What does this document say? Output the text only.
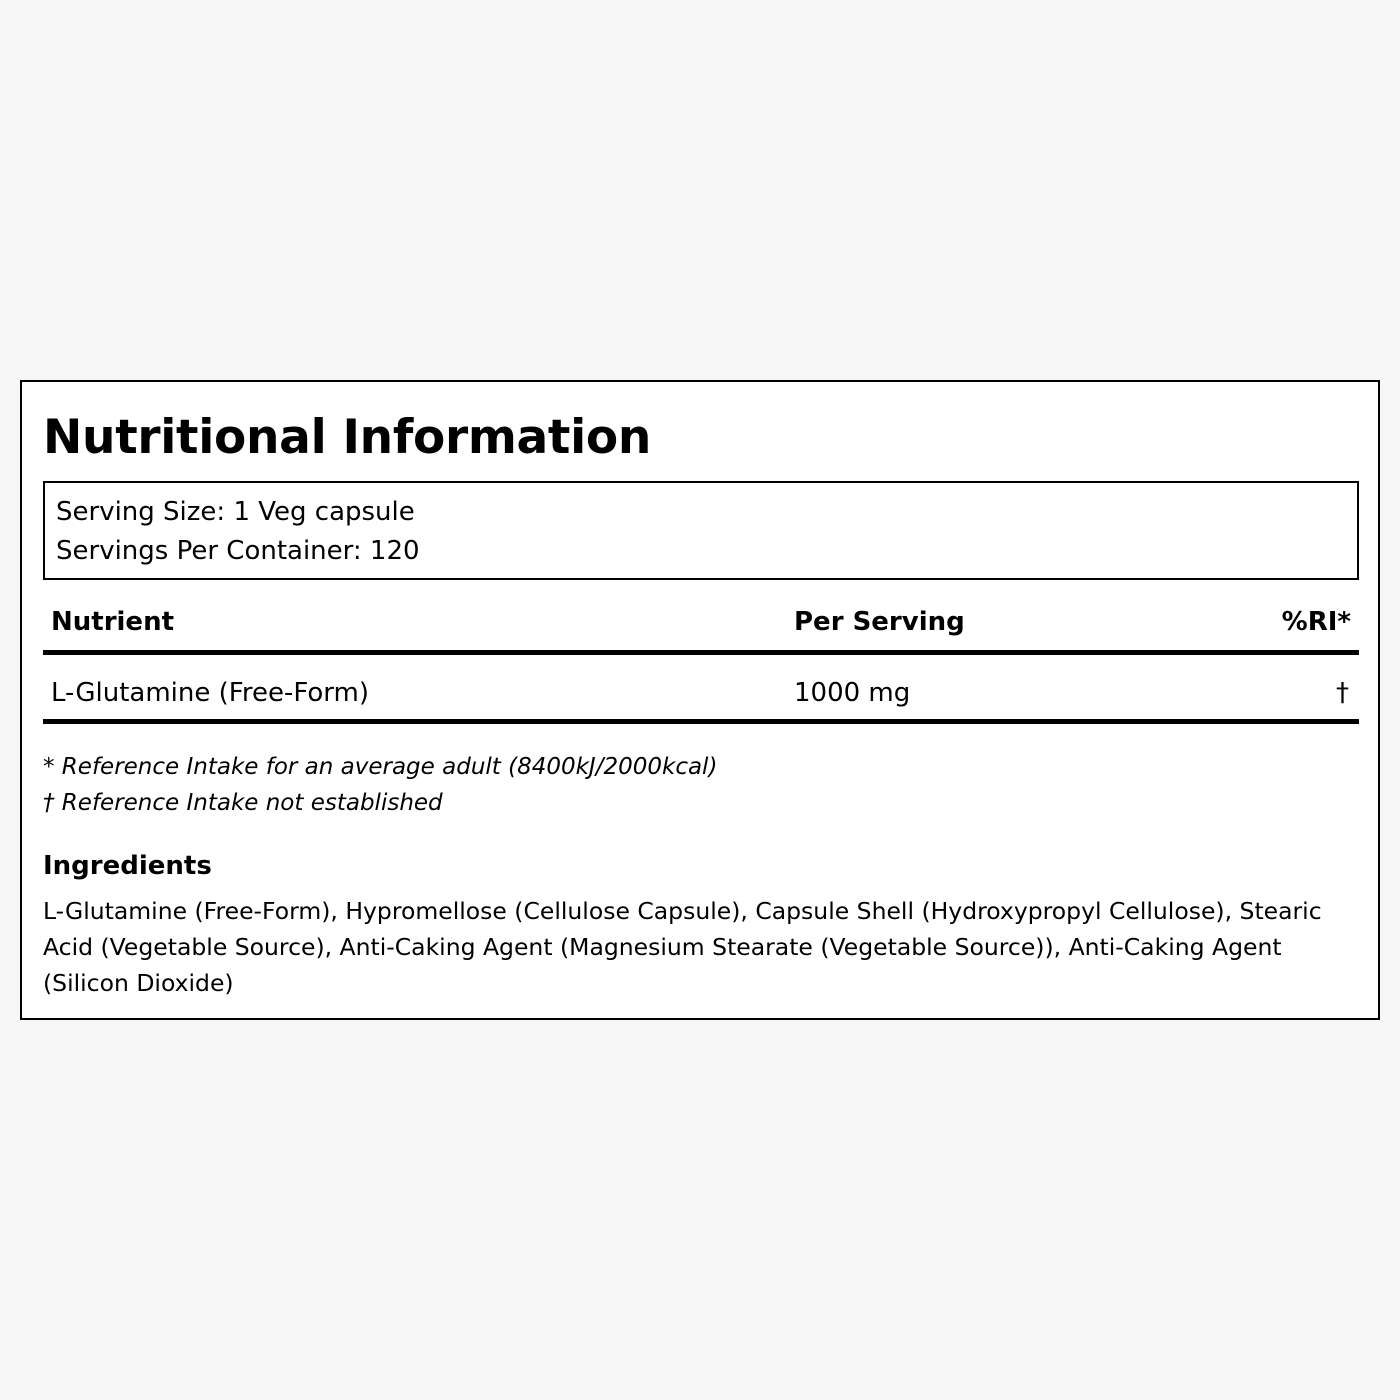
Nutritional Information
Serving Size: 1 Veg capsule
Servings Per Container: 120
Nutrient	Per Serving	%RI*
L-Glutamine (Free-Form)	1000 mg	†
* Reference Intake for an average adult (8400kJ/2000kcal)
† Reference Intake not established
Ingredients
L-Glutamine (Free-Form), Hypromellose (Cellulose Capsule), Capsule Shell (Hydroxypropyl Cellulose), Stearic Acid (Vegetable Source), Anti-Caking Agent (Magnesium Stearate (Vegetable Source)), Anti-Caking Agent (Silicon Dioxide)
